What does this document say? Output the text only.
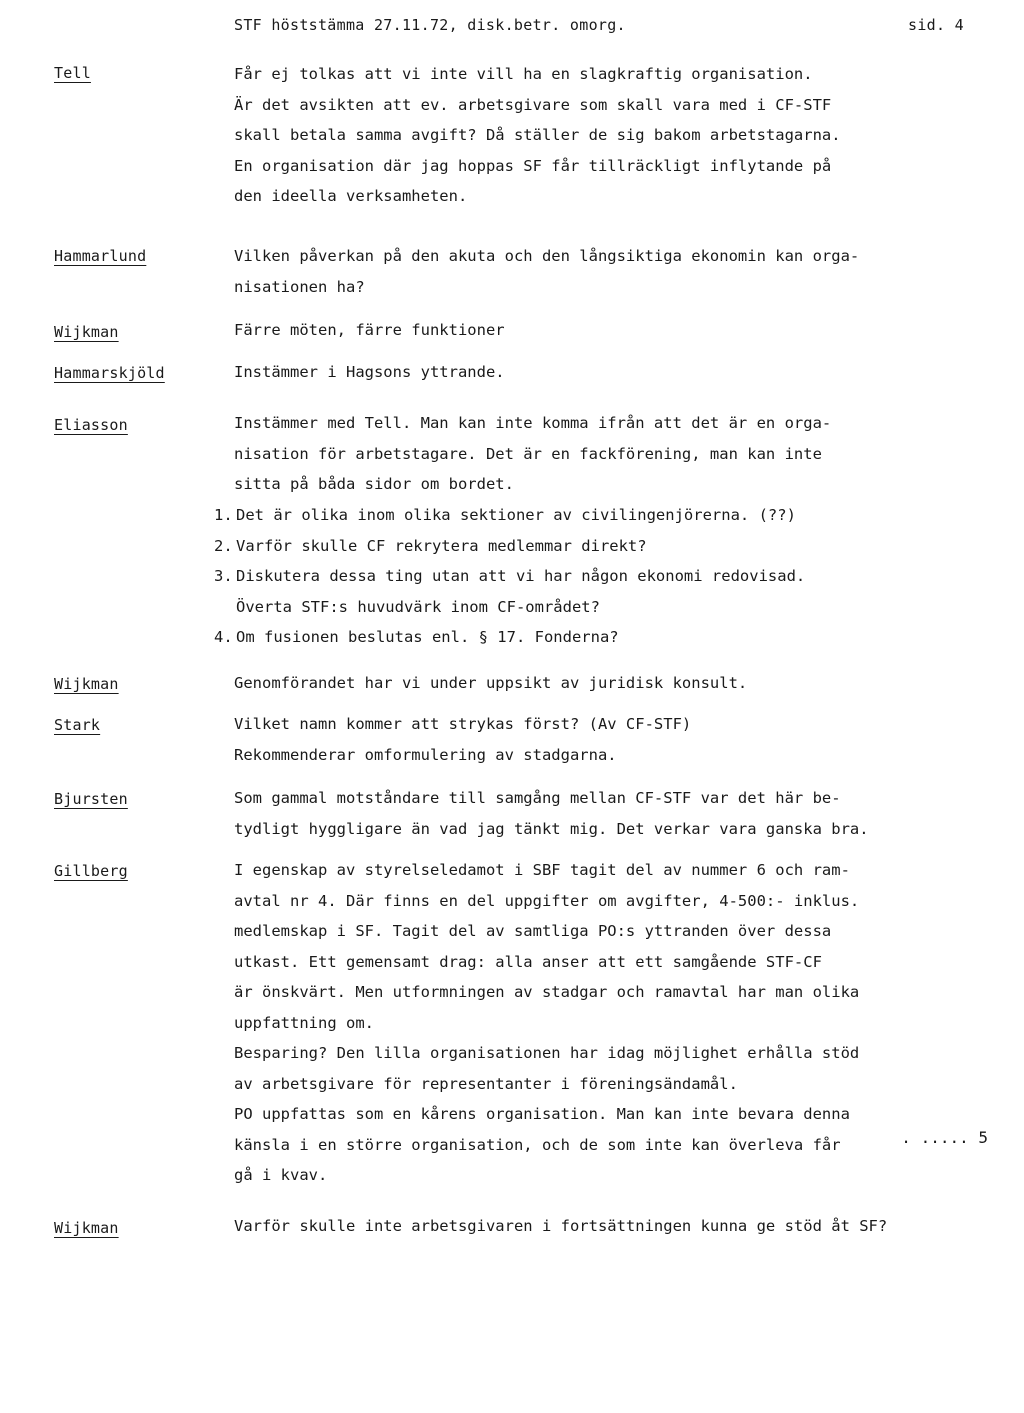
STF höststämma 27.11.72, disk.betr. omorg.	sid. 4
Tell	Får ej tolkas att vi inte vill ha en slagkraftig organisation.
Är det avsikten att ev. arbetsgivare som skall vara med i CF-STF
skall betala samma avgift? Då ställer de sig bakom arbetstagarna.
En organisation där jag hoppas SF får tillräckligt inflytande på
den ideella verksamheten.
Hammarlund	Vilken påverkan på den akuta och den långsiktiga ekonomin kan orga-
nisationen ha?
Wijkman	Färre möten, färre funktioner
Hammarskjöld	Instämmer i Hagsons yttrande.
Eliasson	Instämmer med Tell. Man kan inte komma ifrån att det är en orga-
nisation för arbetstagare. Det är en fackförening, man kan inte
sitta på båda sidor om bordet.
1. Det är olika inom olika sektioner av civilingenjörerna. (??)
2. Varför skulle CF rekrytera medlemmar direkt?
3. Diskutera dessa ting utan att vi har någon ekonomi redovisad.
Överta STF:s huvudvärk inom CF-området?
4. Om fusionen beslutas enl. § 17. Fonderna?
Wijkman	Genomförandet har vi under uppsikt av juridisk konsult.
Stark	Vilket namn kommer att strykas först? (Av CF-STF)
Rekommenderar omformulering av stadgarna.
Bjursten	Som gammal motståndare till samgång mellan CF-STF var det här be-
tydligt hyggligare än vad jag tänkt mig. Det verkar vara ganska bra.
Gillberg	I egenskap av styrelseledamot i SBF tagit del av nummer 6 och ram-
avtal nr 4. Där finns en del uppgifter om avgifter, 4-500:- inklus.
medlemskap i SF. Tagit del av samtliga PO:s yttranden över dessa
utkast. Ett gemensamt drag: alla anser att ett samgående STF-CF
är önskvärt. Men utformningen av stadgar och ramavtal har man olika
uppfattning om.
Besparing? Den lilla organisationen har idag möjlighet erhålla stöd
av arbetsgivare för representanter i föreningsändamål.
PO uppfattas som en kårens organisation. Man kan inte bevara denna
känsla i en större organisation, och de som inte kan överleva får
gå i kvav.
Wijkman	Varför skulle inte arbetsgivaren i fortsättningen kunna ge stöd åt SF?
. ..... 5
